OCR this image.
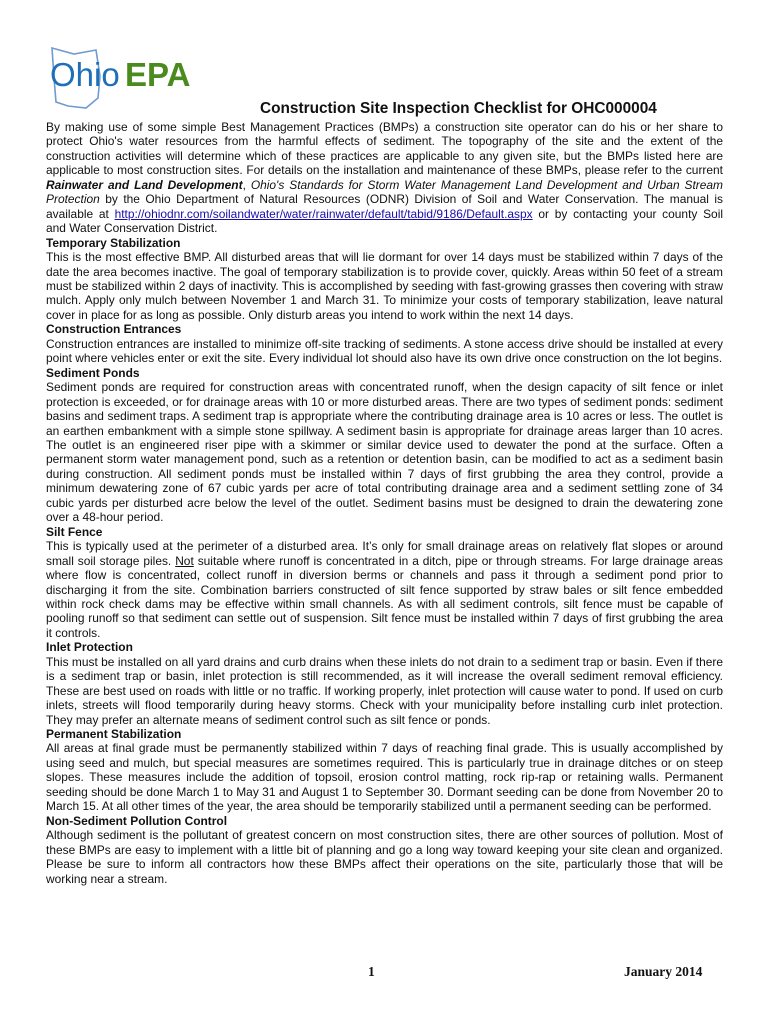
Ohio EPA
Construction Site Inspection Checklist for OHC000004

By making use of some simple Best Management Practices (BMPs) a construction site operator can do his or her share to protect Ohio's water resources from the harmful effects of sediment. The topography of the site and the extent of the construction activities will determine which of these practices are applicable to any given site, but the BMPs listed here are applicable to most construction sites. For details on the installation and maintenance of these BMPs, please refer to the current Rainwater and Land Development, Ohio's Standards for Storm Water Management Land Development and Urban Stream Protection by the Ohio Department of Natural Resources (ODNR) Division of Soil and Water Conservation. The manual is available at http://ohiodnr.com/soilandwater/water/rainwater/default/tabid/9186/Default.aspx or by contacting your county Soil and Water Conservation District.

Temporary Stabilization

This is the most effective BMP. All disturbed areas that will lie dormant for over 14 days must be stabilized within 7 days of the date the area becomes inactive. The goal of temporary stabilization is to provide cover, quickly. Areas within 50 feet of a stream must be stabilized within 2 days of inactivity. This is accomplished by seeding with fast-growing grasses then covering with straw mulch. Apply only mulch between November 1 and March 31. To minimize your costs of temporary stabilization, leave natural cover in place for as long as possible. Only disturb areas you intend to work within the next 14 days.

Construction Entrances

Construction entrances are installed to minimize off-site tracking of sediments. A stone access drive should be installed at every point where vehicles enter or exit the site. Every individual lot should also have its own drive once construction on the lot begins.

Sediment Ponds

Sediment ponds are required for construction areas with concentrated runoff, when the design capacity of silt fence or inlet protection is exceeded, or for drainage areas with 10 or more disturbed areas. There are two types of sediment ponds: sediment basins and sediment traps. A sediment trap is appropriate where the contributing drainage area is 10 acres or less. The outlet is an earthen embankment with a simple stone spillway. A sediment basin is appropriate for drainage areas larger than 10 acres. The outlet is an engineered riser pipe with a skimmer or similar device used to dewater the pond at the surface. Often a permanent storm water management pond, such as a retention or detention basin, can be modified to act as a sediment basin during construction. All sediment ponds must be installed within 7 days of first grubbing the area they control, provide a minimum dewatering zone of 67 cubic yards per acre of total contributing drainage area and a sediment settling zone of 34 cubic yards per disturbed acre below the level of the outlet. Sediment basins must be designed to drain the dewatering zone over a 48-hour period.

Silt Fence

This is typically used at the perimeter of a disturbed area. It’s only for small drainage areas on relatively flat slopes or around small soil storage piles. Not suitable where runoff is concentrated in a ditch, pipe or through streams. For large drainage areas where flow is concentrated, collect runoff in diversion berms or channels and pass it through a sediment pond prior to discharging it from the site. Combination barriers constructed of silt fence supported by straw bales or silt fence embedded within rock check dams may be effective within small channels. As with all sediment controls, silt fence must be capable of pooling runoff so that sediment can settle out of suspension. Silt fence must be installed within 7 days of first grubbing the area it controls.

Inlet Protection

This must be installed on all yard drains and curb drains when these inlets do not drain to a sediment trap or basin. Even if there is a sediment trap or basin, inlet protection is still recommended, as it will increase the overall sediment removal efficiency. These are best used on roads with little or no traffic. If working properly, inlet protection will cause water to pond. If used on curb inlets, streets will flood temporarily during heavy storms. Check with your municipality before installing curb inlet protection. They may prefer an alternate means of sediment control such as silt fence or ponds.

Permanent Stabilization

All areas at final grade must be permanently stabilized within 7 days of reaching final grade. This is usually accomplished by using seed and mulch, but special measures are sometimes required. This is particularly true in drainage ditches or on steep slopes. These measures include the addition of topsoil, erosion control matting, rock rip-rap or retaining walls. Permanent seeding should be done March 1 to May 31 and August 1 to September 30. Dormant seeding can be done from November 20 to March 15. At all other times of the year, the area should be temporarily stabilized until a permanent seeding can be performed.

Non-Sediment Pollution Control

Although sediment is the pollutant of greatest concern on most construction sites, there are other sources of pollution. Most of these BMPs are easy to implement with a little bit of planning and go a long way toward keeping your site clean and organized. Please be sure to inform all contractors how these BMPs affect their operations on the site, particularly those that will be working near a stream.

1	January 2014
